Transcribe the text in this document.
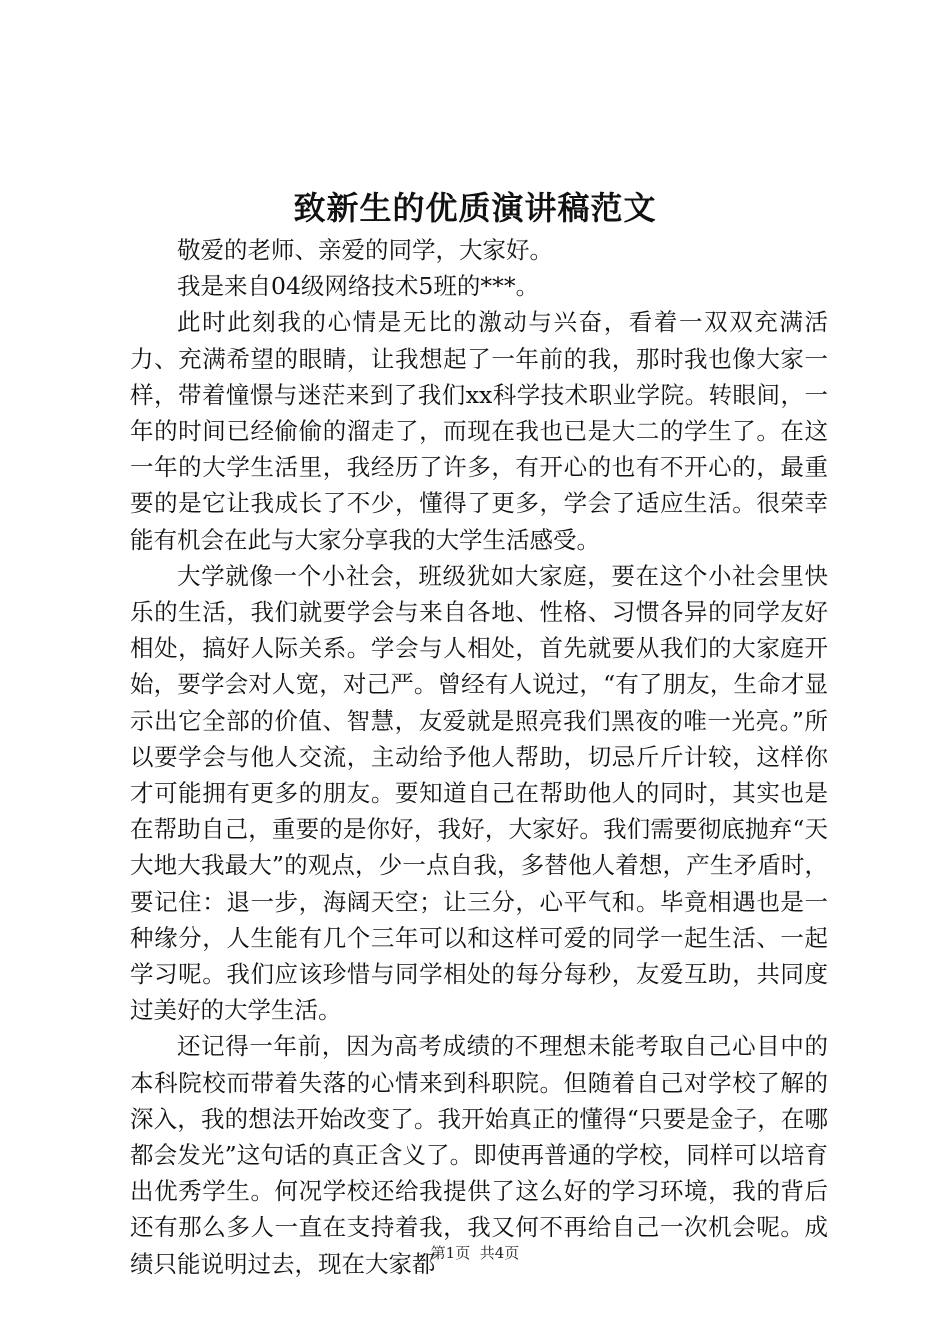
致新生的优质演讲稿范文

敬爱的老师、亲爱的同学，大家好。

我是来自04级网络技术5班的***。

此时此刻我的心情是无比的激动与兴奋，看着一双双充满活力、充满希望的眼睛，让我想起了一年前的我，那时我也像大家一样，带着憧憬与迷茫来到了我们xx科学技术职业学院。转眼间，一年的时间已经偷偷的溜走了，而现在我也已是大二的学生了。在这一年的大学生活里，我经历了许多，有开心的也有不开心的，最重要的是它让我成长了不少，懂得了更多，学会了适应生活。很荣幸能有机会在此与大家分享我的大学生活感受。

大学就像一个小社会，班级犹如大家庭，要在这个小社会里快乐的生活，我们就要学会与来自各地、性格、习惯各异的同学友好相处，搞好人际关系。学会与人相处，首先就要从我们的大家庭开始，要学会对人宽，对己严。曾经有人说过，“有了朋友，生命才显示出它全部的价值、智慧，友爱就是照亮我们黑夜的唯一光亮。”所以要学会与他人交流，主动给予他人帮助，切忌斤斤计较，这样你才可能拥有更多的朋友。要知道自己在帮助他人的同时，其实也是在帮助自己，重要的是你好，我好，大家好。我们需要彻底抛弃“天大地大我最大”的观点，少一点自我，多替他人着想，产生矛盾时，要记住：退一步，海阔天空；让三分，心平气和。毕竟相遇也是一种缘分，人生能有几个三年可以和这样可爱的同学一起生活、一起学习呢。我们应该珍惜与同学相处的每分每秒，友爱互助，共同度过美好的大学生活。

还记得一年前，因为高考成绩的不理想未能考取自己心目中的本科院校而带着失落的心情来到科职院。但随着自己对学校了解的深入，我的想法开始改变了。我开始真正的懂得“只要是金子，在哪都会发光”这句话的真正含义了。即使再普通的学校，同样可以培育出优秀学生。何况学校还给我提供了这么好的学习环境，我的背后还有那么多人一直在支持着我，我又何不再给自己一次机会呢。成绩只能说明过去，现在大家都

第1页 共4页
